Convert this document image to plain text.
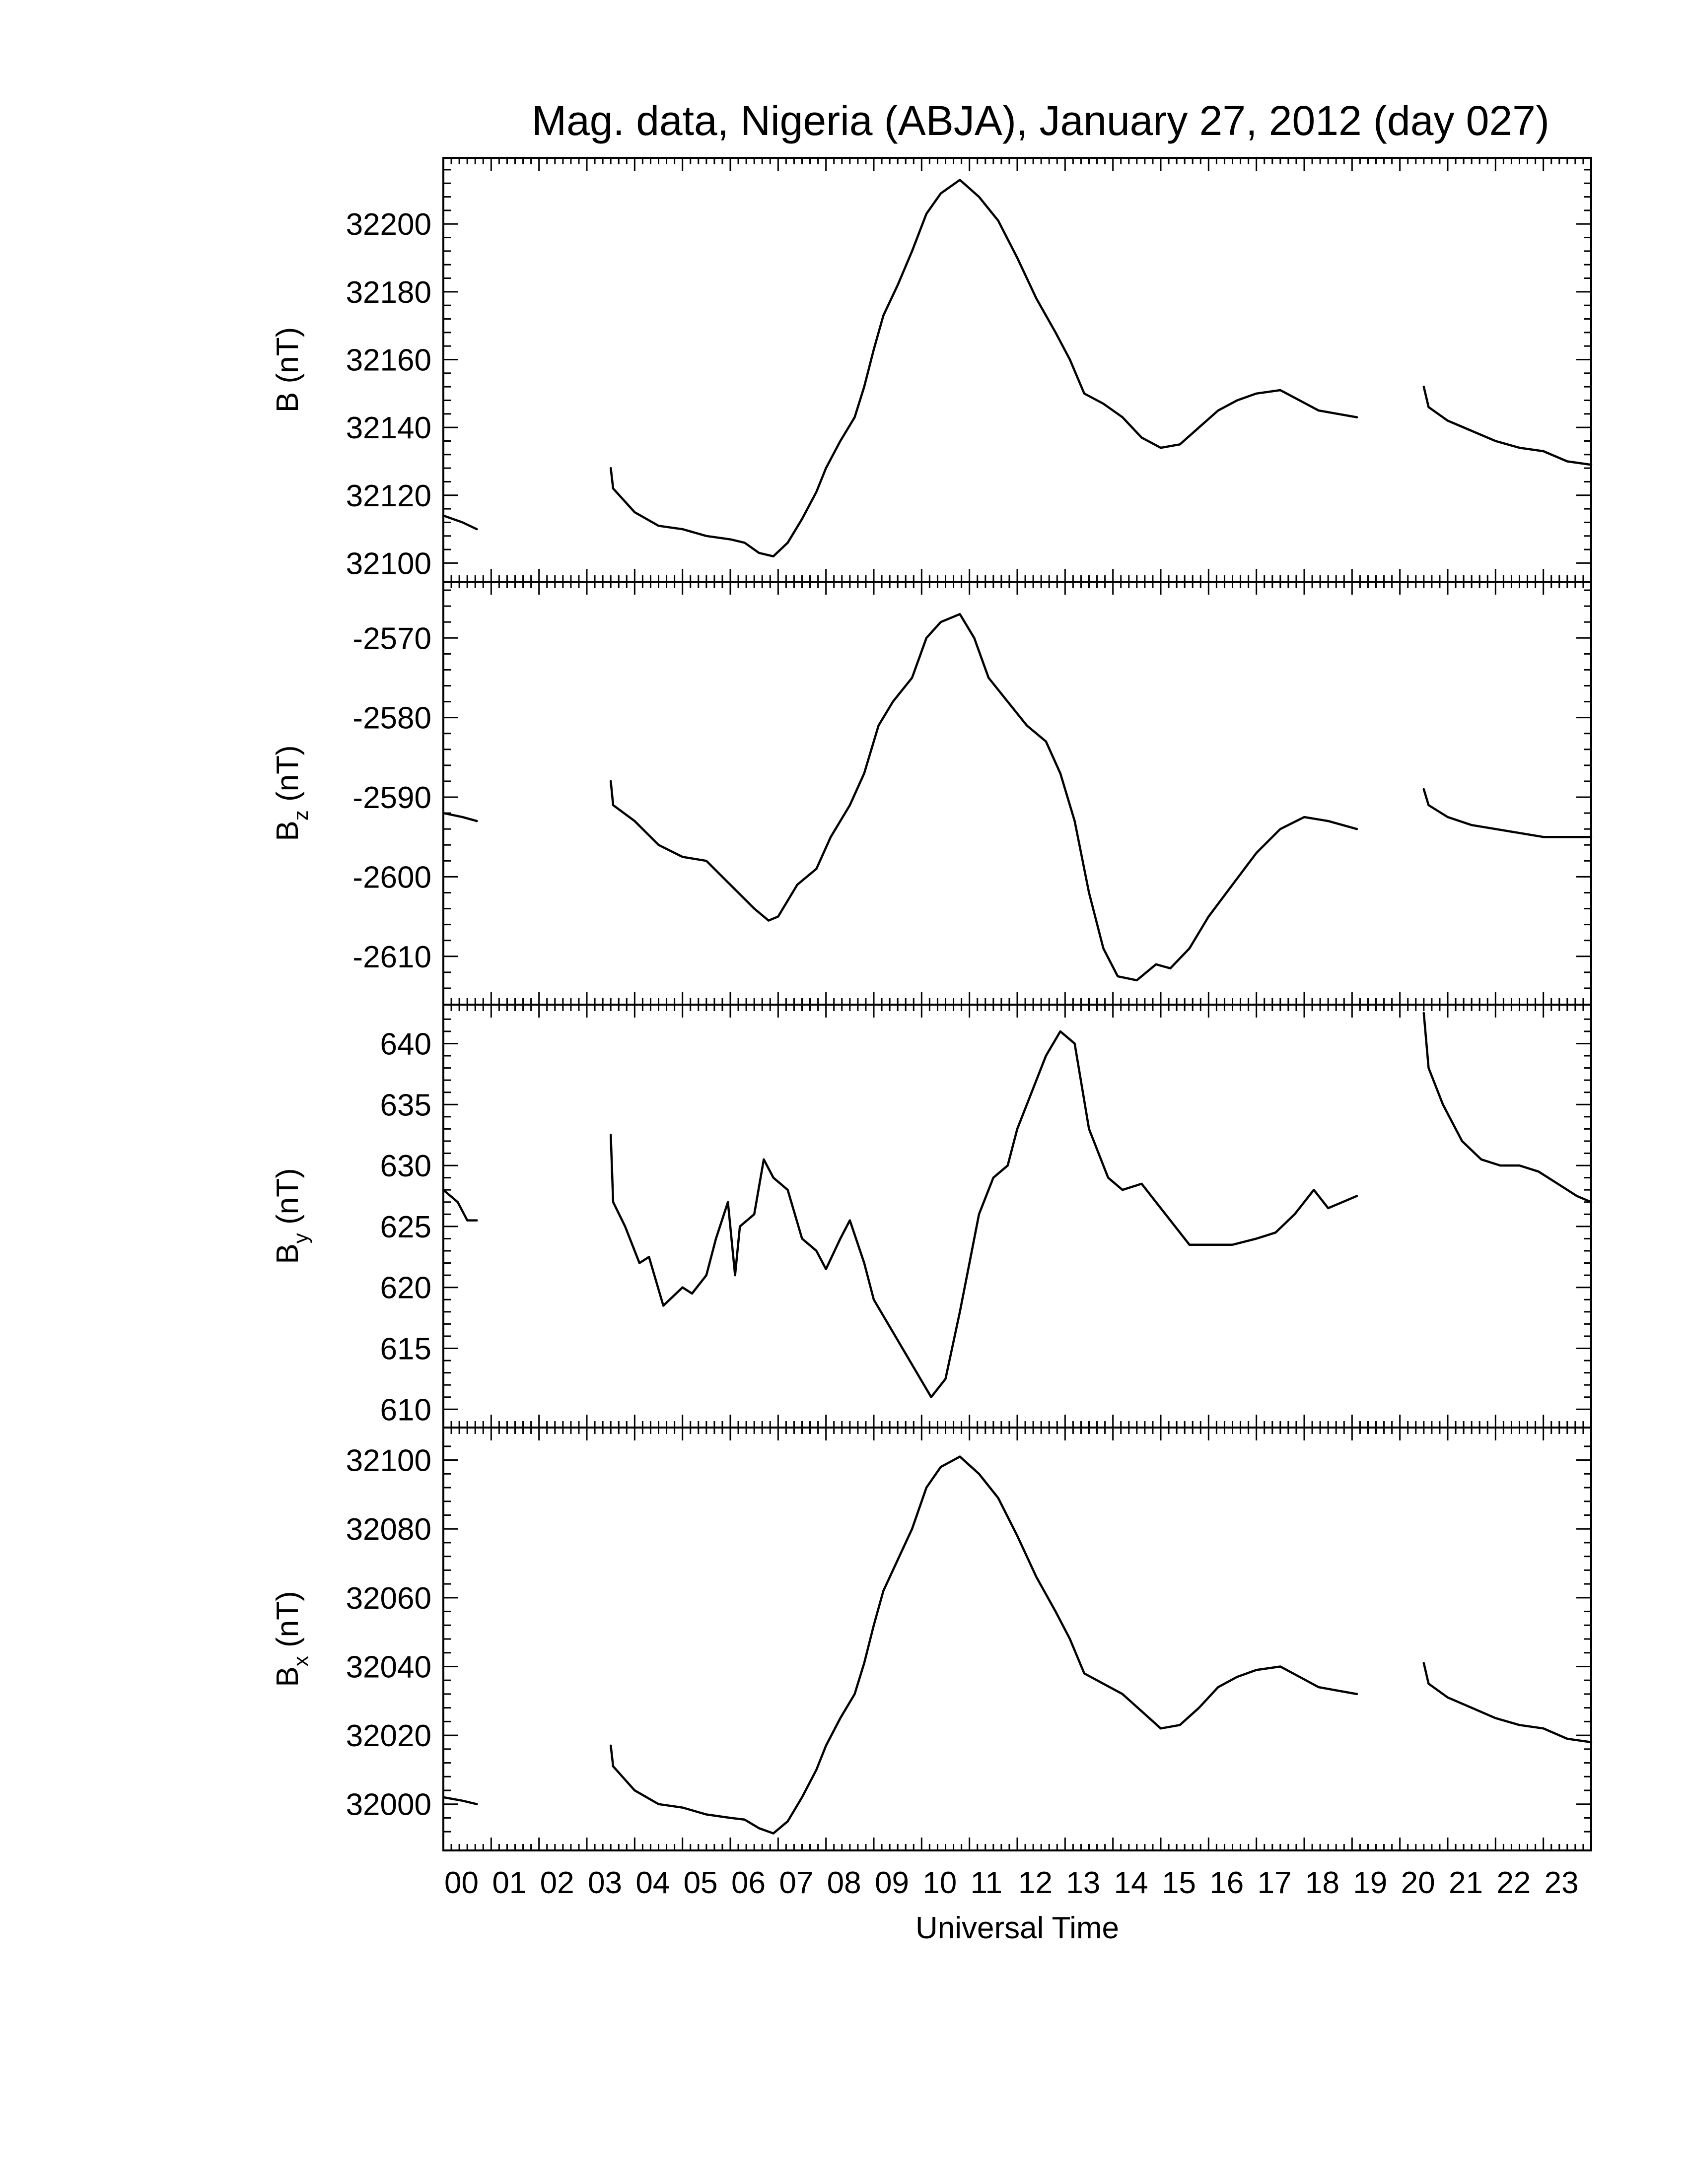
Mag. data, Nigeria (ABJA), January 27, 2012 (day 027)
32100
32120
32140
32160
32180
32200
B (nT)
-2610
-2600
-2590
-2580
-2570
$B_z$ (nT)
610
615
620
625
630
635
640
$B_y$ (nT)
32000
32020
32040
32060
32080
32100
$B_x$ (nT)
00 01 02 03 04 05 06 07 08 09 10 11 12 13 14 15 16 17 18 19 20 21 22 23
Universal Time
